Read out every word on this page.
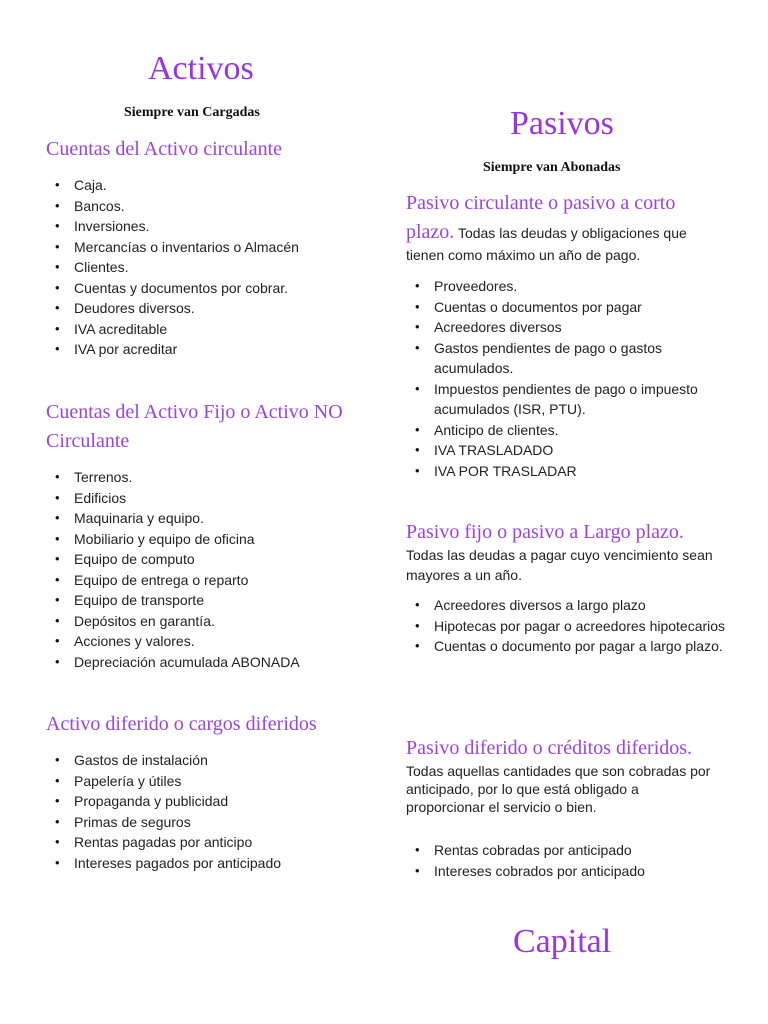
Activos
Siempre van Cargadas
Cuentas del Activo circulante
• Caja.
• Bancos.
• Inversiones.
• Mercancías o inventarios o Almacén
• Clientes.
• Cuentas y documentos por cobrar.
• Deudores diversos.
• IVA acreditable
• IVA por acreditar
Cuentas del Activo Fijo o Activo NO Circulante
• Terrenos.
• Edificios
• Maquinaria y equipo.
• Mobiliario y equipo de oficina
• Equipo de computo
• Equipo de entrega o reparto
• Equipo de transporte
• Depósitos en garantía.
• Acciones y valores.
• Depreciación acumulada ABONADA
Activo diferido o cargos diferidos
• Gastos de instalación
• Papelería y útiles
• Propaganda y publicidad
• Primas de seguros
• Rentas pagadas por anticipo
• Intereses pagados por anticipado
Pasivos
Siempre van Abonadas
Pasivo circulante o pasivo a corto plazo. Todas las deudas y obligaciones que tienen como máximo un año de pago.
• Proveedores.
• Cuentas o documentos por pagar
• Acreedores diversos
• Gastos pendientes de pago o gastos acumulados.
• Impuestos pendientes de pago o impuesto acumulados (ISR, PTU).
• Anticipo de clientes.
• IVA TRASLADADO
• IVA POR TRASLADAR
Pasivo fijo o pasivo a Largo plazo.
Todas las deudas a pagar cuyo vencimiento sean mayores a un año.
• Acreedores diversos a largo plazo
• Hipotecas por pagar o acreedores hipotecarios
• Cuentas o documento por pagar a largo plazo.
Pasivo diferido o créditos diferidos. Todas aquellas cantidades que son cobradas por anticipado, por lo que está obligado a proporcionar el servicio o bien.
• Rentas cobradas por anticipado
• Intereses cobrados por anticipado
Capital
